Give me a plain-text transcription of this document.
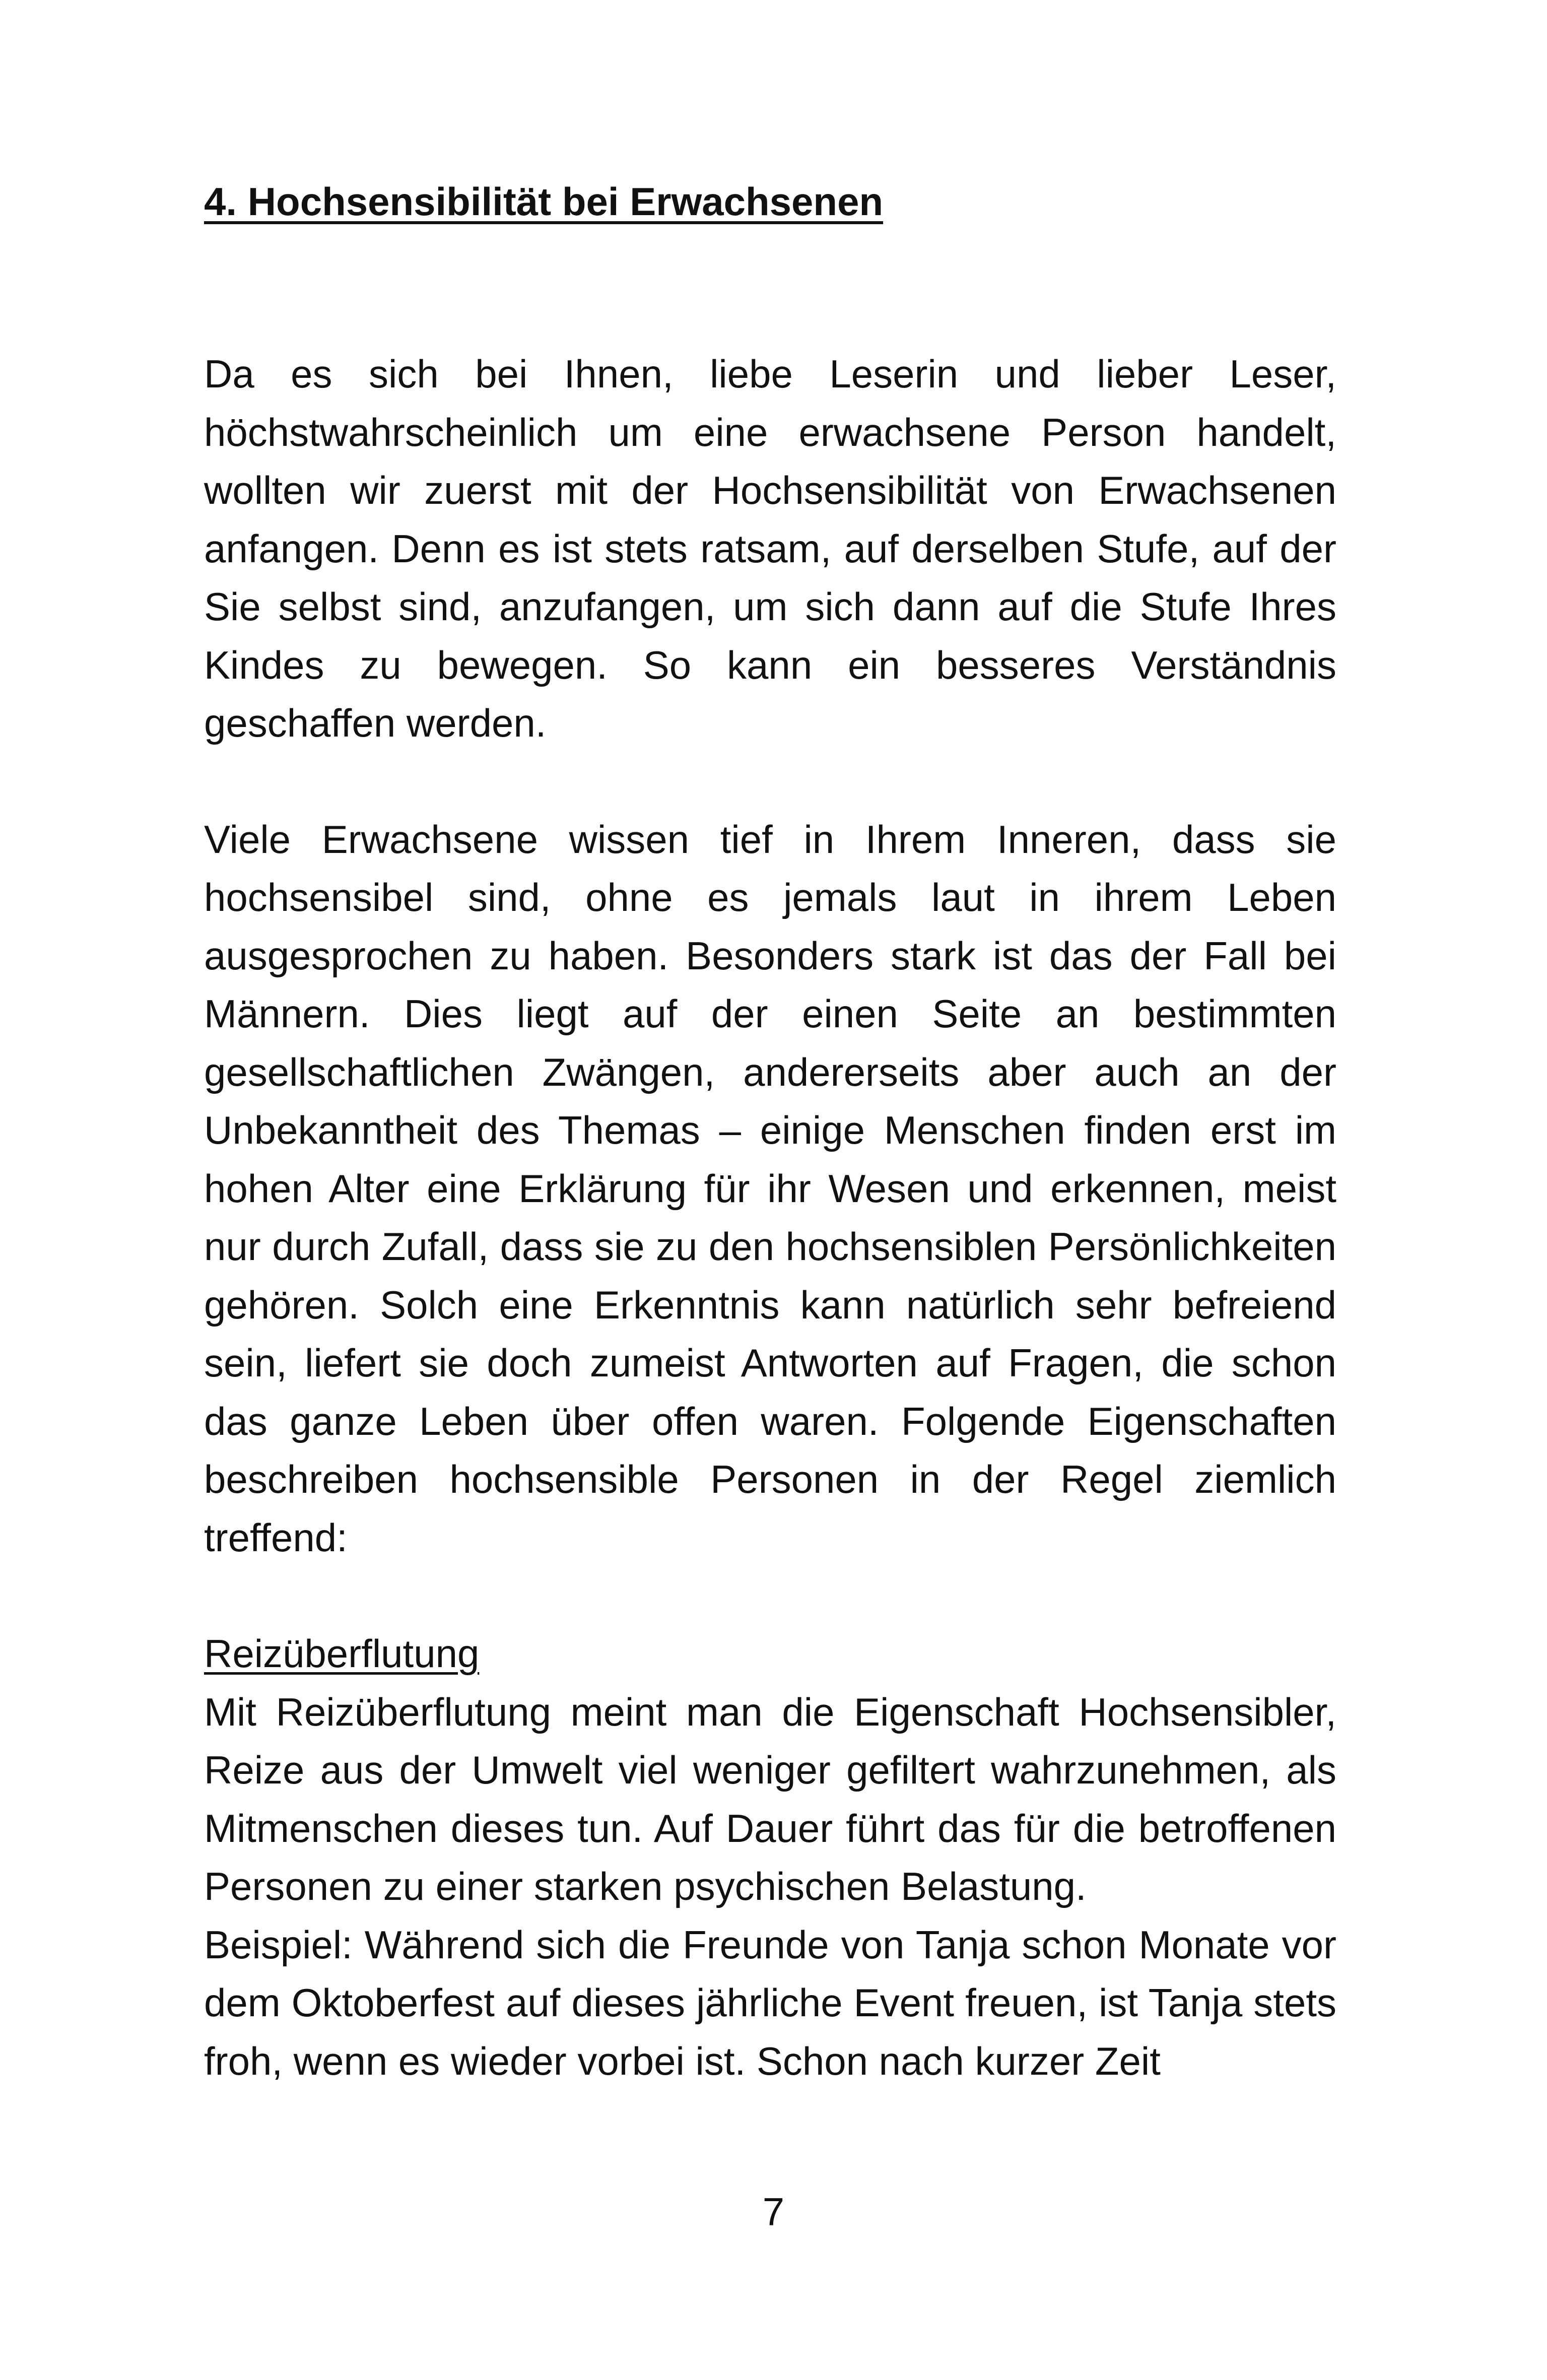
4. Hochsensibilität bei Erwachsenen

Da es sich bei Ihnen, liebe Leserin und lieber Leser, höchstwahrscheinlich um eine erwachsene Person handelt, wollten wir zuerst mit der Hochsensibilität von Erwachsenen anfangen. Denn es ist stets ratsam, auf derselben Stufe, auf der Sie selbst sind, anzufangen, um sich dann auf die Stufe Ihres Kindes zu bewegen. So kann ein besseres Verständnis geschaffen werden.

Viele Erwachsene wissen tief in Ihrem Inneren, dass sie hochsensibel sind, ohne es jemals laut in ihrem Leben ausgesprochen zu haben. Besonders stark ist das der Fall bei Männern. Dies liegt auf der einen Seite an bestimmten gesellschaftlichen Zwängen, andererseits aber auch an der Unbekanntheit des Themas – einige Menschen finden erst im hohen Alter eine Erklärung für ihr Wesen und erkennen, meist nur durch Zufall, dass sie zu den hochsensiblen Persönlichkeiten gehören. Solch eine Erkenntnis kann natürlich sehr befreiend sein, liefert sie doch zumeist Antworten auf Fragen, die schon das ganze Leben über offen waren. Folgende Eigenschaften beschreiben hochsensible Personen in der Regel ziemlich treffend:

Reizüberflutung

Mit Reizüberflutung meint man die Eigenschaft Hochsensibler, Reize aus der Umwelt viel weniger gefiltert wahrzunehmen, als Mitmenschen dieses tun. Auf Dauer führt das für die betroffenen Personen zu einer starken psychischen Belastung.

Beispiel: Während sich die Freunde von Tanja schon Monate vor dem Oktoberfest auf dieses jährliche Event freuen, ist Tanja stets froh, wenn es wieder vorbei ist. Schon nach kurzer Zeit

7
